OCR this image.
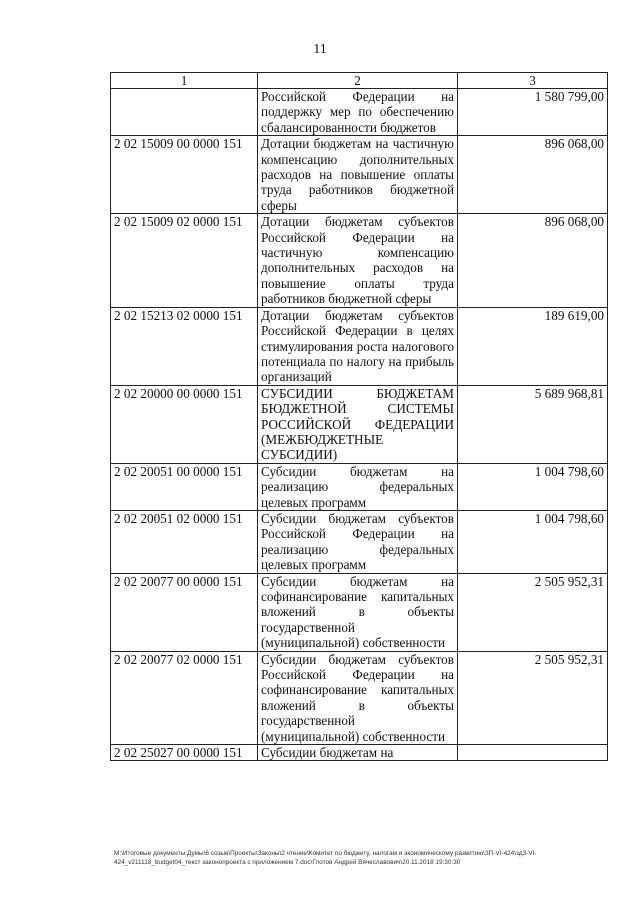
11
1	2	3
	Российской Федерации на поддержку мер по обеспечению сбалансированности бюджетов	1 580 799,00
2 02 15009 00 0000 151	Дотации бюджетам на частичную компенсацию дополнительных расходов на повышение оплаты труда работников бюджетной сферы	896 068,00
2 02 15009 02 0000 151	Дотации бюджетам субъектов Российской Федерации на частичную компенсацию дополнительных расходов на повышение оплаты труда работников бюджетной сферы	896 068,00
2 02 15213 02 0000 151	Дотации бюджетам субъектов Российской Федерации в целях стимулирования роста налогового потенциала по налогу на прибыль организаций	189 619,00
2 02 20000 00 0000 151	СУБСИДИИ БЮДЖЕТАМ БЮДЖЕТНОЙ СИСТЕМЫ РОССИЙСКОЙ ФЕДЕРАЦИИ (МЕЖБЮДЖЕТНЫЕ СУБСИДИИ)	5 689 968,81
2 02 20051 00 0000 151	Субсидии бюджетам на реализацию федеральных целевых программ	1 004 798,60
2 02 20051 02 0000 151	Субсидии бюджетам субъектов Российской Федерации на реализацию федеральных целевых программ	1 004 798,60
2 02 20077 00 0000 151	Субсидии бюджетам на софинансирование капитальных вложений в объекты государственной (муниципальной) собственности	2 505 952,31
2 02 20077 02 0000 151	Субсидии бюджетам субъектов Российской Федерации на софинансирование капитальных вложений в объекты государственной (муниципальной) собственности	2 505 952,31
2 02 25027 00 0000 151	Субсидии бюджетам на	
М:\Итоговые документы Думы\6 созыв\Проекты\Законы\2 чтение\Комитет по бюджету, налогам и экономическому развитию\ЗП-VI-424\зд3-VI-424_v211118_budget04_текст законопроекта с приложением 7.doc\Глотов Андрей Вячеславович\20.11.2018 19:30:30
